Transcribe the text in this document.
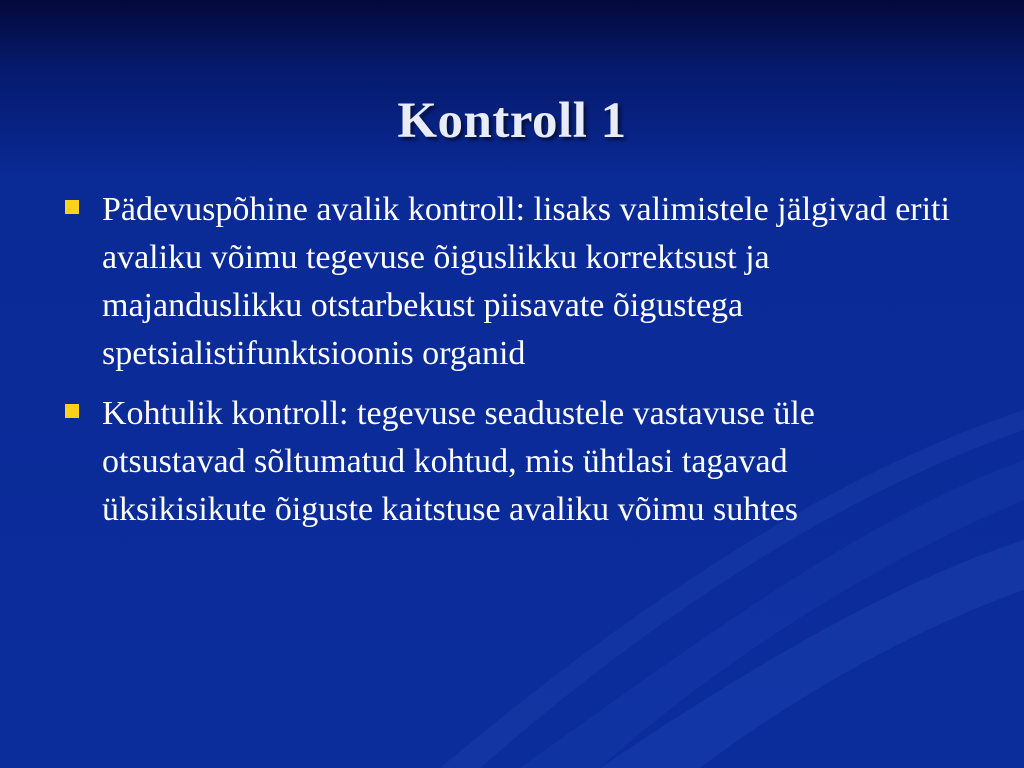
Kontroll 1
Pädevuspõhine avalik kontroll: lisaks valimistele jälgivad eriti avaliku võimu tegevuse õiguslikku korrektsust ja majanduslikku otstarbekust piisavate õigustega spetsialistifunktsioonis organid
Kohtulik kontroll: tegevuse seadustele vastavuse üle otsustavad sõltumatud kohtud, mis ühtlasi tagavad üksikisikute õiguste kaitstuse avaliku võimu suhtes
